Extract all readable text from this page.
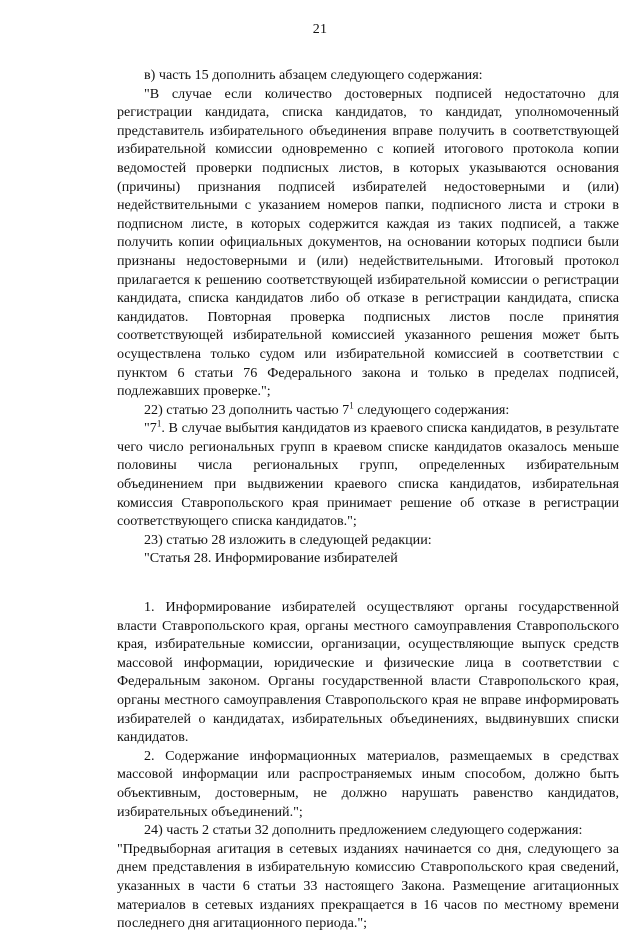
21

в) часть 15 дополнить абзацем следующего содержания:

"В случае если количество достоверных подписей недостаточно для регистрации кандидата, списка кандидатов, то кандидат, уполномоченный представитель избирательного объединения вправе получить в соответствующей избирательной комиссии одновременно с копией итогового протокола копии ведомостей проверки подписных листов, в которых указываются основания (причины) признания подписей избирателей недостоверными и (или) недействительными с указанием номеров папки, подписного листа и строки в подписном листе, в которых содержится каждая из таких подписей, а также получить копии официальных документов, на основании которых подписи были признаны недостоверными и (или) недействительными. Итоговый протокол прилагается к решению соответствующей избирательной комиссии о регистрации кандидата, списка кандидатов либо об отказе в регистрации кандидата, списка кандидатов. Повторная проверка подписных листов после принятия соответствующей избирательной комиссией указанного решения может быть осуществлена только судом или избирательной комиссией в соответствии с пунктом 6 статьи 76 Федерального закона и только в пределах подписей, подлежавших проверке.";

22) статью 23 дополнить частью $7^1$ следующего содержания:

"$7^1$. В случае выбытия кандидатов из краевого списка кандидатов, в результате чего число региональных групп в краевом списке кандидатов оказалось меньше половины числа региональных групп, определенных избирательным объединением при выдвижении краевого списка кандидатов, избирательная комиссия Ставропольского края принимает решение об отказе в регистрации соответствующего списка кандидатов.";

23) статью 28 изложить в следующей редакции:

"Статья 28. Информирование избирателей

1. Информирование избирателей осуществляют органы государственной власти Ставропольского края, органы местного самоуправления Ставропольского края, избирательные комиссии, организации, осуществляющие выпуск средств массовой информации, юридические и физические лица в соответствии с Федеральным законом. Органы государственной власти Ставропольского края, органы местного самоуправления Ставропольского края не вправе информировать избирателей о кандидатах, избирательных объединениях, выдвинувших списки кандидатов.

2. Содержание информационных материалов, размещаемых в средствах массовой информации или распространяемых иным способом, должно быть объективным, достоверным, не должно нарушать равенство кандидатов, избирательных объединений.";

24) часть 2 статьи 32 дополнить предложением следующего содержания:

"Предвыборная агитация в сетевых изданиях начинается со дня, следующего за днем представления в избирательную комиссию Ставропольского края сведений, указанных в части 6 статьи 33 настоящего Закона. Размещение агитационных материалов в сетевых изданиях прекращается в 16 часов по местному времени последнего дня агитационного периода.";
